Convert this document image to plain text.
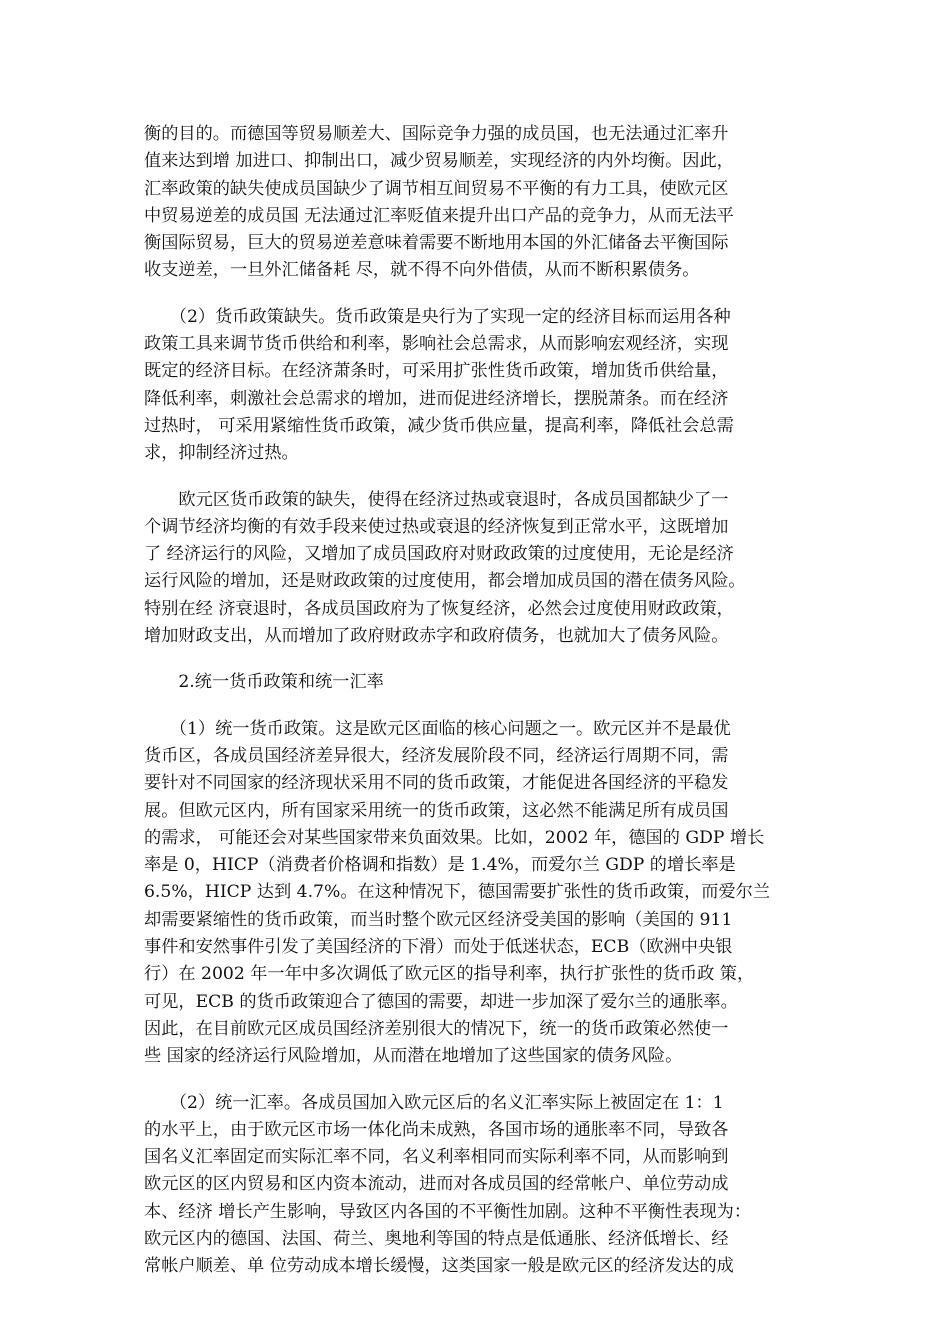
衡的目的。而德国等贸易顺差大、国际竞争力强的成员国，也无法通过汇率升
值来达到增 加进口、抑制出口，减少贸易顺差，实现经济的内外均衡。因此，
汇率政策的缺失使成员国缺少了调节相互间贸易不平衡的有力工具，使欧元区
中贸易逆差的成员国 无法通过汇率贬值来提升出口产品的竞争力，从而无法平
衡国际贸易，巨大的贸易逆差意味着需要不断地用本国的外汇储备去平衡国际
收支逆差，一旦外汇储备耗 尽，就不得不向外借债，从而不断积累债务。
　　（2）货币政策缺失。货币政策是央行为了实现一定的经济目标而运用各种
政策工具来调节货币供给和利率，影响社会总需求，从而影响宏观经济，实现
既定的经济目标。在经济萧条时，可采用扩张性货币政策，增加货币供给量，
降低利率，刺激社会总需求的增加，进而促进经济增长，摆脱萧条。而在经济
过热时， 可采用紧缩性货币政策，减少货币供应量，提高利率，降低社会总需
求，抑制经济过热。
　　欧元区货币政策的缺失，使得在经济过热或衰退时，各成员国都缺少了一
个调节经济均衡的有效手段来使过热或衰退的经济恢复到正常水平，这既增加
了 经济运行的风险，又增加了成员国政府对财政政策的过度使用，无论是经济
运行风险的增加，还是财政政策的过度使用，都会增加成员国的潜在债务风险。
特别在经 济衰退时，各成员国政府为了恢复经济，必然会过度使用财政政策，
增加财政支出，从而增加了政府财政赤字和政府债务，也就加大了债务风险。
　　2.统一货币政策和统一汇率
　　（1）统一货币政策。这是欧元区面临的核心问题之一。欧元区并不是最优
货币区，各成员国经济差异很大，经济发展阶段不同，经济运行周期不同，需
要针对不同国家的经济现状采用不同的货币政策，才能促进各国经济的平稳发
展。但欧元区内，所有国家采用统一的货币政策，这必然不能满足所有成员国
的需求， 可能还会对某些国家带来负面效果。比如，2002 年，德国的 GDP 增长
率是 0，HICP（消费者价格调和指数）是 1.4%，而爱尔兰 GDP 的增长率是
6.5%，HICP 达到 4.7%。在这种情况下，德国需要扩张性的货币政策，而爱尔兰
却需要紧缩性的货币政策，而当时整个欧元区经济受美国的影响（美国的 911
事件和安然事件引发了美国经济的下滑）而处于低迷状态，ECB（欧洲中央银
行）在 2002 年一年中多次调低了欧元区的指导利率，执行扩张性的货币政 策，
可见，ECB 的货币政策迎合了德国的需要，却进一步加深了爱尔兰的通胀率。
因此，在目前欧元区成员国经济差别很大的情况下，统一的货币政策必然使一
些 国家的经济运行风险增加，从而潜在地增加了这些国家的债务风险。
　　（2）统一汇率。各成员国加入欧元区后的名义汇率实际上被固定在 1：1
的水平上，由于欧元区市场一体化尚未成熟，各国市场的通胀率不同，导致各
国名义汇率固定而实际汇率不同，名义利率相同而实际利率不同，从而影响到
欧元区的区内贸易和区内资本流动，进而对各成员国的经常帐户、单位劳动成
本、经济 增长产生影响，导致区内各国的不平衡性加剧。这种不平衡性表现为：
欧元区内的德国、法国、荷兰、奥地利等国的特点是低通胀、经济低增长、经
常帐户顺差、单 位劳动成本增长缓慢，这类国家一般是欧元区的经济发达的成
